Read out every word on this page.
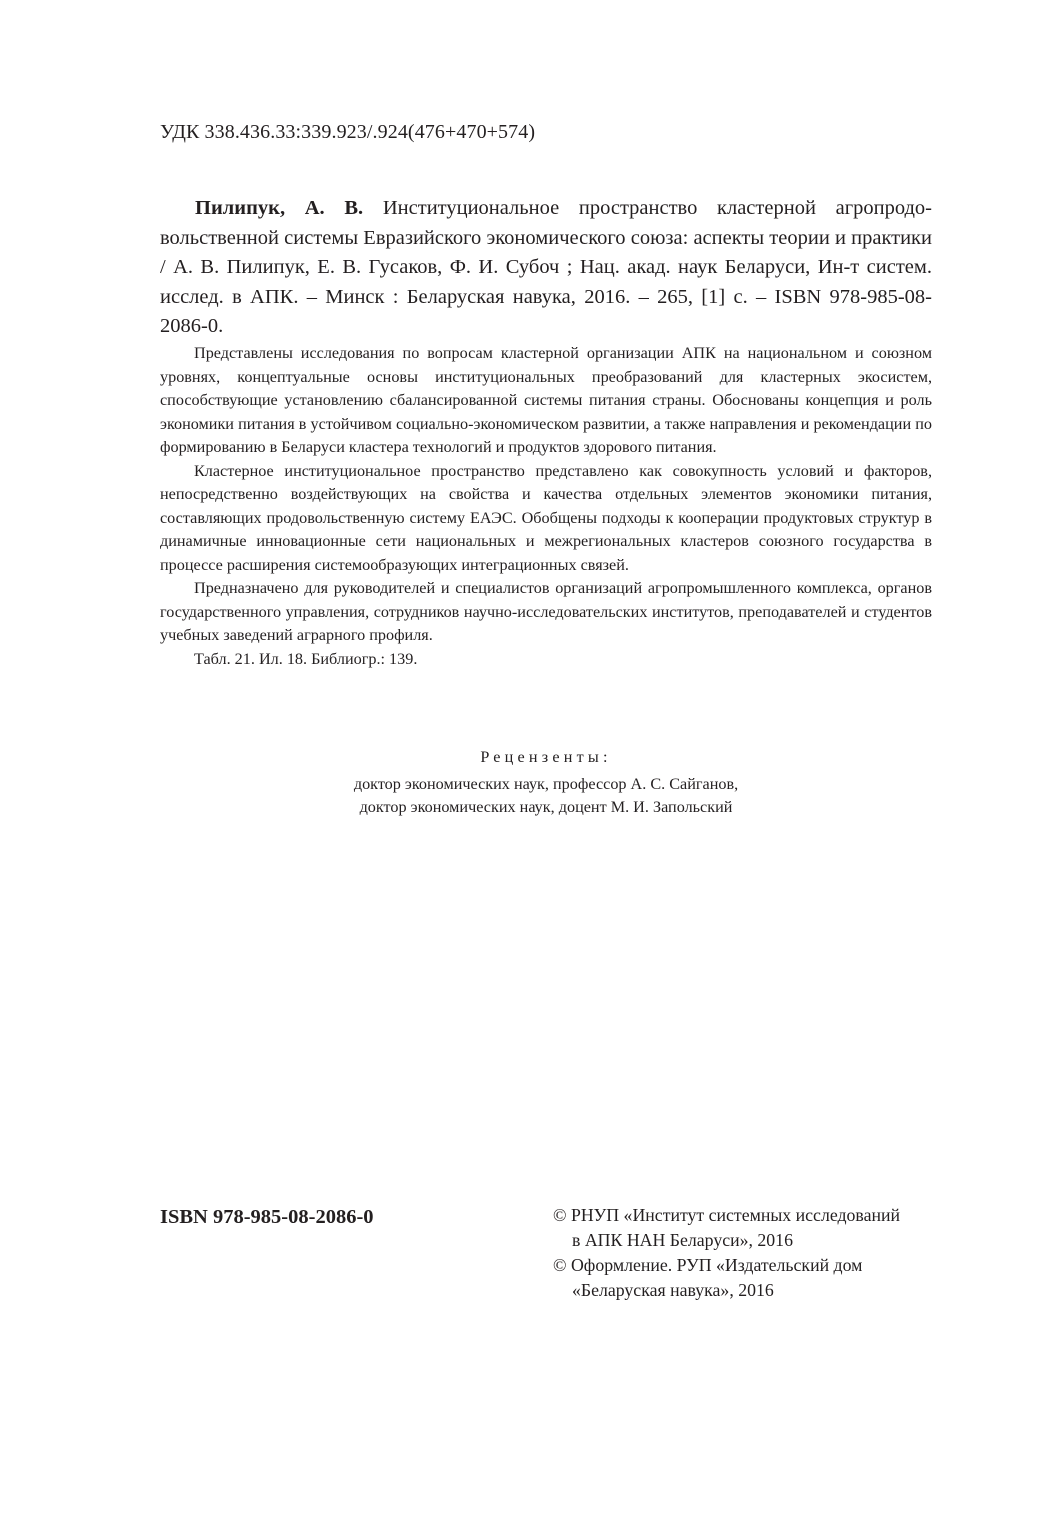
УДК 338.436.33:339.923/.924(476+470+574)

Пилипук, А. В. Институциональное пространство кластерной агропродовольственной системы Евразийского экономического союза: аспекты теории и практики / А. В. Пилипук, Е. В. Гусаков, Ф. И. Субоч ; Нац. акад. наук Беларуси, Ин-т систем. исслед. в АПК. – Минск : Беларуская навука, 2016. – 265, [1] с. – ISBN 978-985-08-2086-0.

Представлены исследования по вопросам кластерной организации АПК на национальном и союзном уровнях, концептуальные основы институциональных преобразований для кластерных экосистем, способствующие установлению сбалансированной системы питания страны. Обоснованы концепция и роль экономики питания в устойчивом социально-экономическом развитии, а также направления и рекомендации по формированию в Беларуси кластера технологий и продуктов здорового питания.

Кластерное институциональное пространство представлено как совокупность условий и факторов, непосредственно воздействующих на свойства и качества отдельных элементов экономики питания, составляющих продовольственную систему ЕАЭС. Обобщены подходы к кооперации продуктовых структур в динамичные инновационные сети национальных и межрегиональных кластеров союзного государства в процессе расширения системообразующих интеграционных связей.

Предназначено для руководителей и специалистов организаций агропромышленного комплекса, органов государственного управления, сотрудников научно-исследовательских институтов, преподавателей и студентов учебных заведений аграрного профиля.

Табл. 21. Ил. 18. Библиогр.: 139.

Рецензенты:
доктор экономических наук, профессор А. С. Сайганов,
доктор экономических наук, доцент М. И. Запольский
ISBN 978-985-08-2086-0	© РНУП «Институт системных исследований
в АПК НАН Беларуси», 2016
© Оформление. РУП «Издательский дом
«Беларуская навука», 2016
